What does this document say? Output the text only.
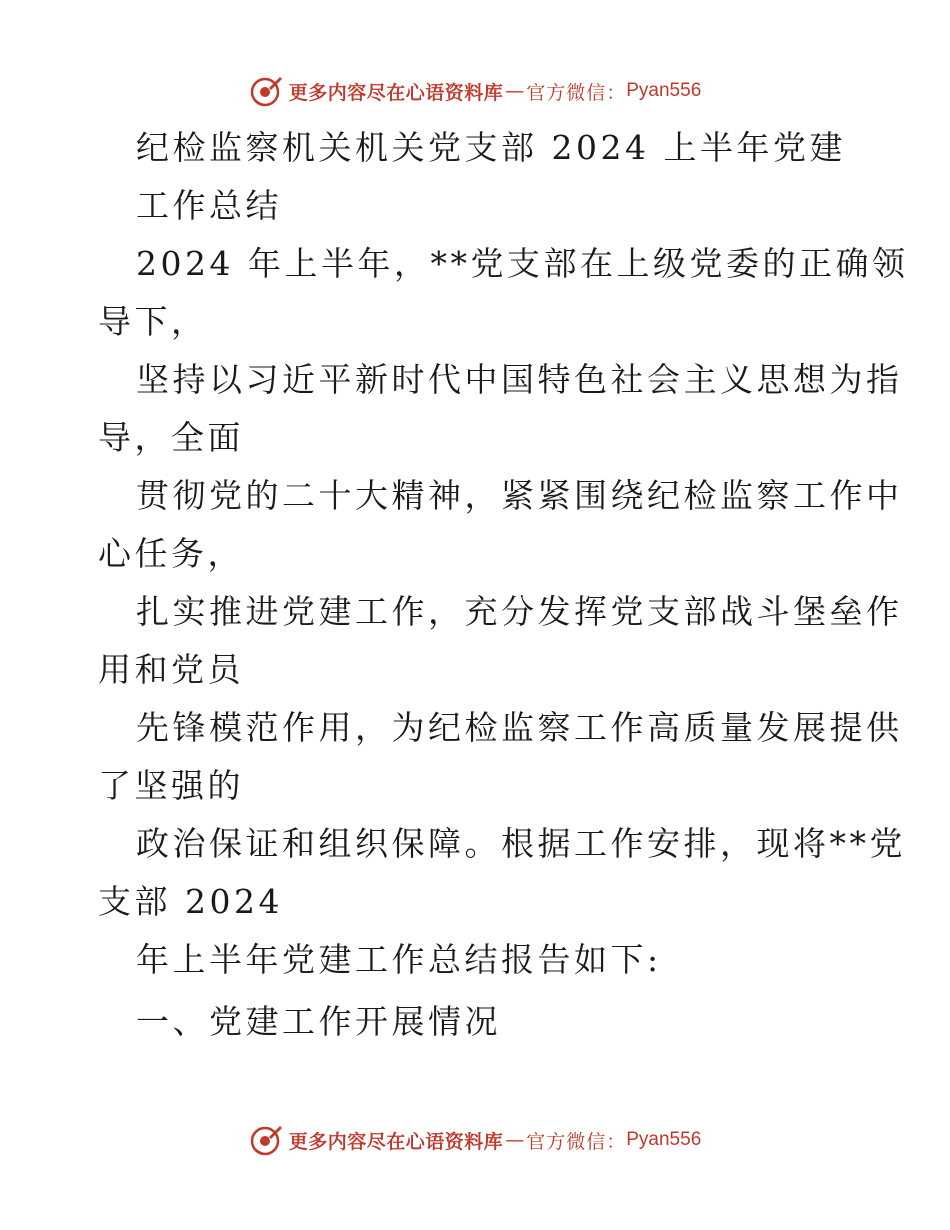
更多内容尽在心语资料库 — 官方微信： Pyan556
纪检监察机关机关党支部 2024 上半年党建
工作总结
2024 年上半年，**党支部在上级党委的正确领
导下，
坚持以习近平新时代中国特色社会主义思想为指
导，全面
贯彻党的二十大精神，紧紧围绕纪检监察工作中
心任务，
扎实推进党建工作，充分发挥党支部战斗堡垒作
用和党员
先锋模范作用，为纪检监察工作高质量发展提供
了坚强的
政治保证和组织保障。根据工作安排，现将**党
支部 2024
年上半年党建工作总结报告如下:
一、党建工作开展情况
更多内容尽在心语资料库 — 官方微信： Pyan556
